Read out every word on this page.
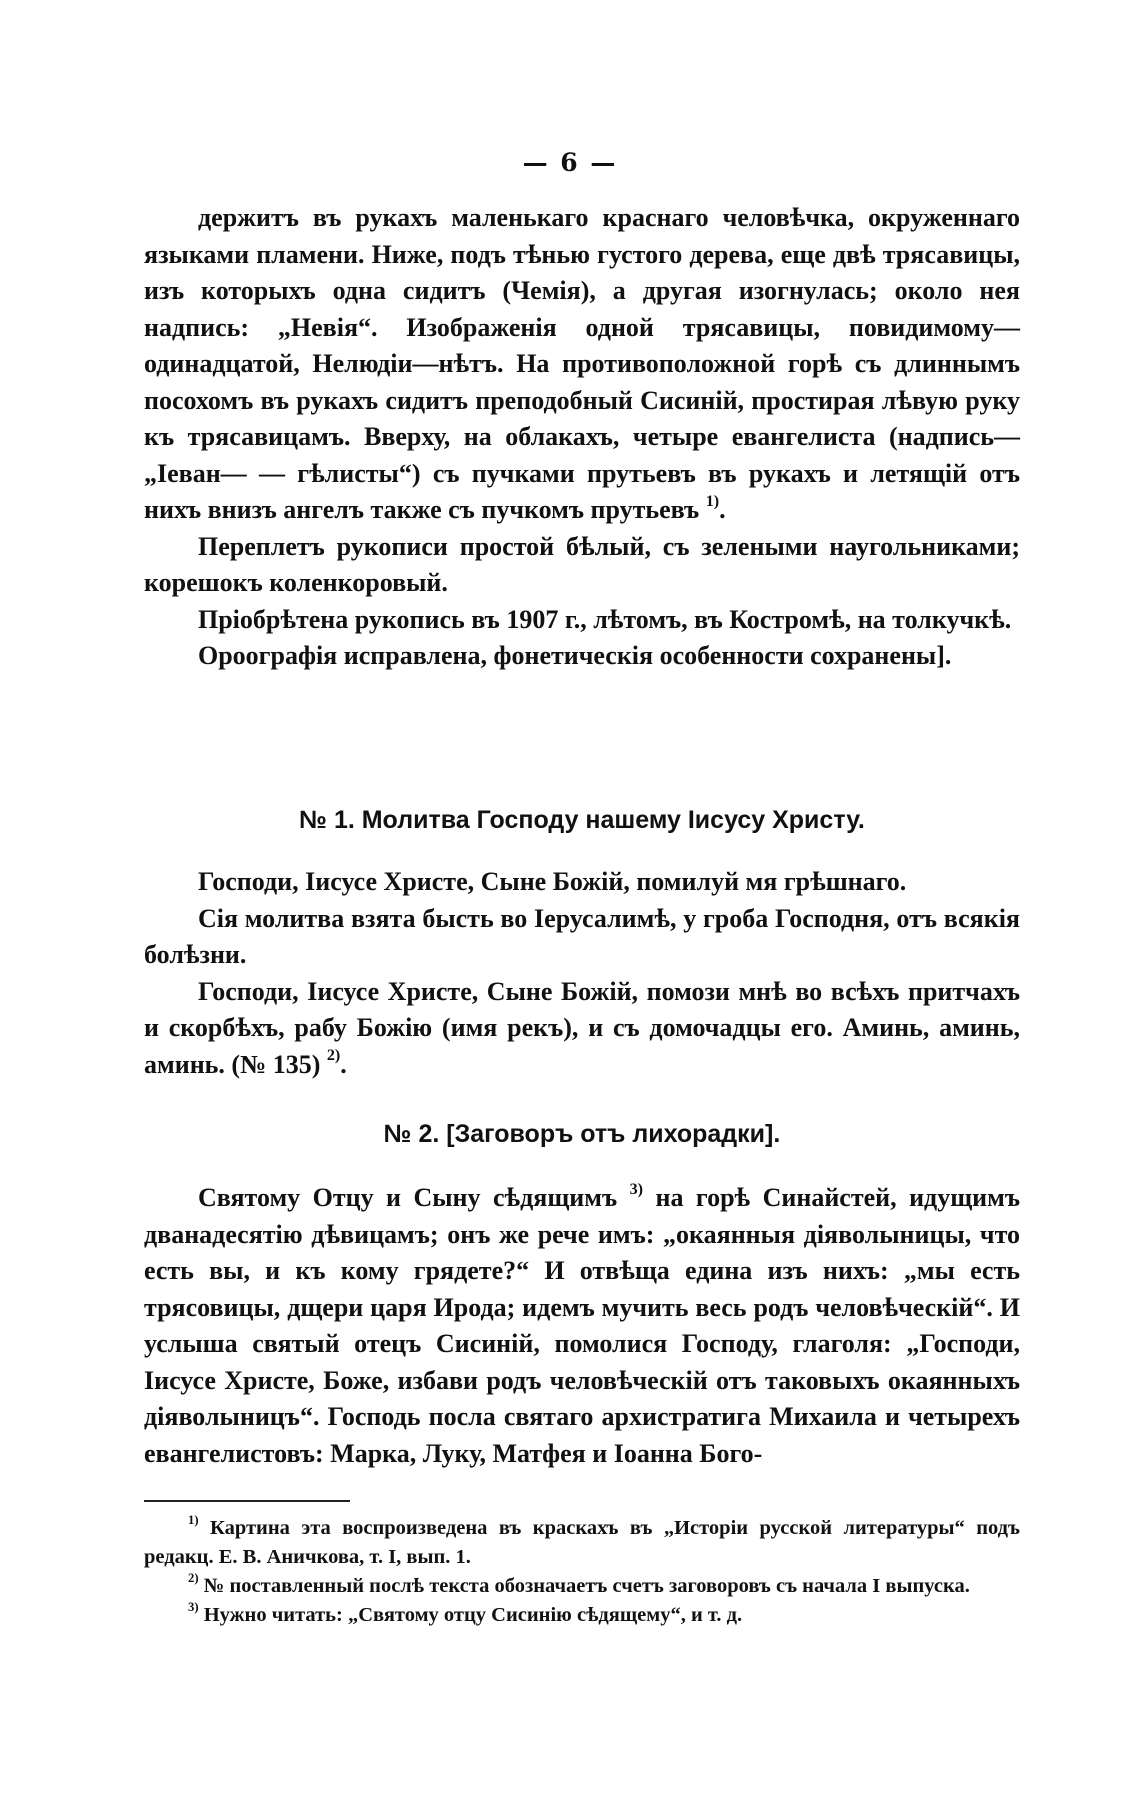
— 6 —

держитъ въ рукахъ маленькаго краснаго человѣчка, окруженнаго языками пламени. Ниже, подъ тѣнью густого дерева, еще двѣ трясавицы, изъ которыхъ одна сидитъ (Чемія), а другая изогнулась; около нея надпись: „Невія“. Изображенія одной трясавицы, повидимому—одинадцатой, Нелюдіи—нѣтъ. На противоположной горѣ съ длиннымъ посохомъ въ рукахъ сидитъ преподобный Сисиній, простирая лѣвую руку къ трясавицамъ. Вверху, на облакахъ, четыре евангелиста (надпись—„Іеван— — гѣлисты“) съ пучками прутьевъ въ рукахъ и летящій отъ нихъ внизъ ангелъ также съ пучкомъ прутьевъ $^{1)}$.

Переплетъ рукописи простой бѣлый, съ зелеными наугольниками; корешокъ коленкоровый.

Пріобрѣтена рукопись въ 1907 г., лѣтомъ, въ Костромѣ, на толкучкѣ.

Ороографія исправлена, фонетическія особенности сохранены].

№ 1. Молитва Господу нашему Іисусу Христу.

Господи, Іисусе Христе, Сыне Божій, помилуй мя грѣшнаго.

Сія молитва взята бысть во Іерусалимѣ, у гроба Господня, отъ всякія болѣзни.

Господи, Іисусе Христе, Сыне Божій, помози мнѣ во всѣхъ притчахъ и скорбѣхъ, рабу Божію (имя рекъ), и съ домочадцы его. Аминь, аминь, аминь. (№ 135) $^{2)}$.

№ 2. [Заговоръ отъ лихорадки].

Святому Отцу и Сыну сѣдящимъ $^{3)}$ на горѣ Синайстей, идущимъ дванадесятію дѣвицамъ; онъ же рече имъ: „окаянныя діяволыницы, что есть вы, и къ кому грядете?“ И отвѣща едина изъ нихъ: „мы есть трясовицы, дщери царя Ирода; идемъ мучить весь родъ человѣческій“. И услыша святый отецъ Сисиній, помолися Господу, глаголя: „Господи, Іисусе Христе, Боже, избави родъ человѣческій отъ таковыхъ окаянныхъ діяволыницъ“. Господь посла святаго архистратига Михаила и четырехъ евангелистовъ: Марка, Луку, Матфея и Іоанна Бого-

$^{1)}$ Картина эта воспроизведена въ краскахъ въ „Исторіи русской литературы“ подъ редакц. Е. В. Аничкова, т. I, вып. 1.

$^{2)}$ № поставленный послѣ текста обозначаетъ счетъ заговоровъ съ начала I выпуска.

$^{3)}$ Нужно читать: „Святому отцу Сисинію сѣдящему“, и т. д.
